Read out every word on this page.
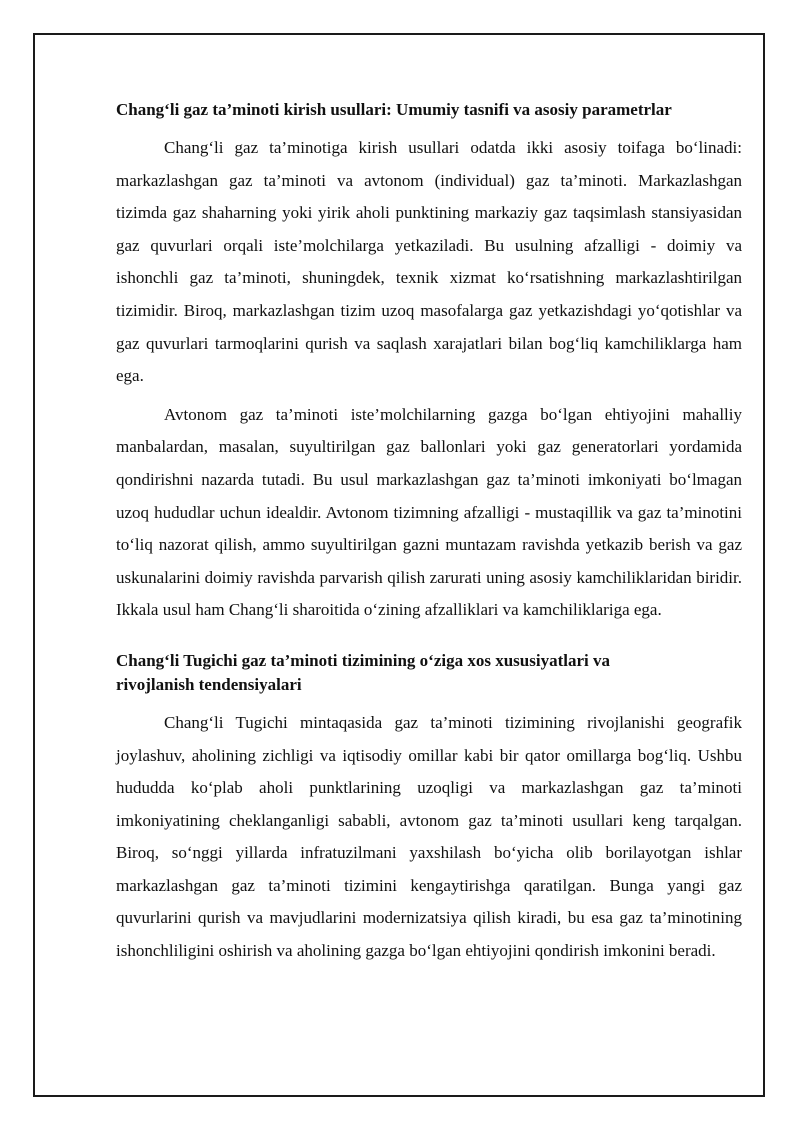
Chang‘li gaz ta’minoti kirish usullari: Umumiy tasnifi va asosiy parametrlar

Chang‘li gaz ta’minotiga kirish usullari odatda ikki asosiy toifaga bo‘linadi: markazlashgan gaz ta’minoti va avtonom (individual) gaz ta’minoti. Markazlashgan tizimda gaz shaharning yoki yirik aholi punktining markaziy gaz taqsimlash stansiyasidan gaz quvurlari orqali iste’molchilarga yetkaziladi. Bu usulning afzalligi - doimiy va ishonchli gaz ta’minoti, shuningdek, texnik xizmat ko‘rsatishning markazlashtirilgan tizimidir. Biroq, markazlashgan tizim uzoq masofalarga gaz yetkazishdagi yo‘qotishlar va gaz quvurlari tarmoqlarini qurish va saqlash xarajatlari bilan bog‘liq kamchiliklarga ham ega.

Avtonom gaz ta’minoti iste’molchilarning gazga bo‘lgan ehtiyojini mahalliy manbalardan, masalan, suyultirilgan gaz ballonlari yoki gaz generatorlari yordamida qondirishni nazarda tutadi. Bu usul markazlashgan gaz ta’minoti imkoniyati bo‘lmagan uzoq hududlar uchun idealdir. Avtonom tizimning afzalligi - mustaqillik va gaz ta’minotini to‘liq nazorat qilish, ammo suyultirilgan gazni muntazam ravishda yetkazib berish va gaz uskunalarini doimiy ravishda parvarish qilish zarurati uning asosiy kamchiliklaridan biridir. Ikkala usul ham Chang‘li sharoitida o‘zining afzalliklari va kamchiliklariga ega.

Chang‘li Tugichi gaz ta’minoti tizimining o‘ziga xos xususiyatlari va rivojlanish tendensiyalari

Chang‘li Tugichi mintaqasida gaz ta’minoti tizimining rivojlanishi geografik joylashuv, aholining zichligi va iqtisodiy omillar kabi bir qator omillarga bog‘liq. Ushbu hududda ko‘plab aholi punktlarining uzoqligi va markazlashgan gaz ta’minoti imkoniyatining cheklanganligi sababli, avtonom gaz ta’minoti usullari keng tarqalgan. Biroq, so‘nggi yillarda infratuzilmani yaxshilash bo‘yicha olib borilayotgan ishlar markazlashgan gaz ta’minoti tizimini kengaytirishga qaratilgan. Bunga yangi gaz quvurlarini qurish va mavjudlarini modernizatsiya qilish kiradi, bu esa gaz ta’minotining ishonchliligini oshirish va aholining gazga bo‘lgan ehtiyojini qondirish imkonini beradi.
